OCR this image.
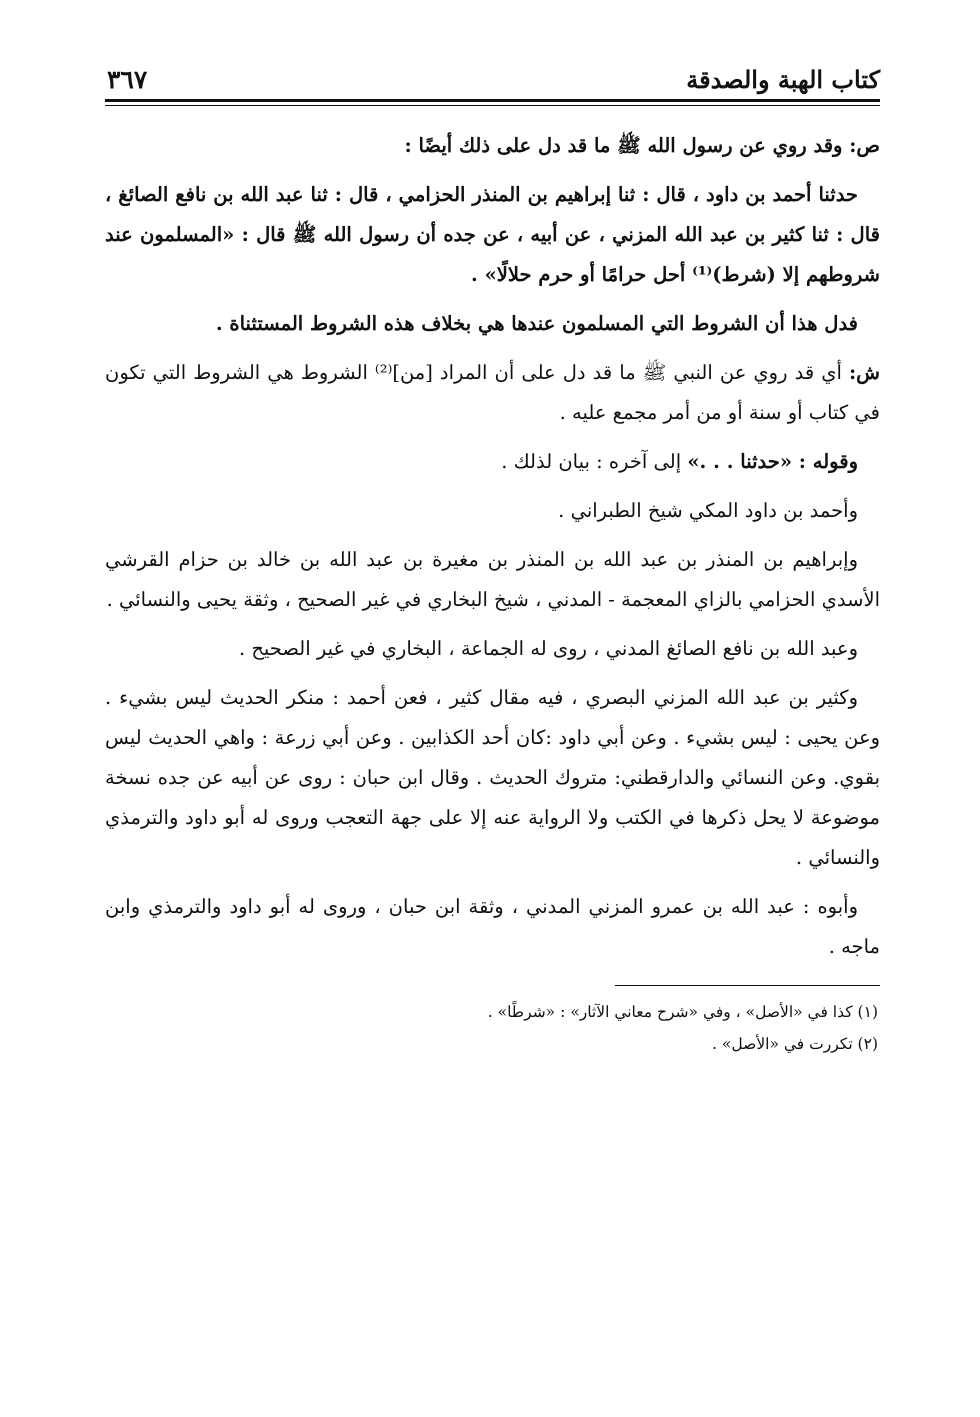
كتاب الهبة والصدقة
٣٦٧

ص: وقد روي عن رسول الله ﷺ ما قد دل على ذلك أيضًا :

حدثنا أحمد بن داود ، قال : ثنا إبراهيم بن المنذر الحزامي ، قال : ثنا عبد الله بن نافع الصائغ ، قال : ثنا كثير بن عبد الله المزني ، عن أبيه ، عن جده أن رسول الله ﷺ قال : «المسلمون عند شروطهم إلا (شرط)⁽¹⁾ أحل حرامًا أو حرم حلالًا» .

فدل هذا أن الشروط التي المسلمون عندها هي بخلاف هذه الشروط المستثناة .

ش: أي قد روي عن النبي ﷺ ما قد دل على أن المراد [من]⁽²⁾ الشروط هي الشروط التي تكون في كتاب أو سنة أو من أمر مجمع عليه .

وقوله : «حدثنا . . .» إلى آخره : بيان لذلك .

وأحمد بن داود المكي شيخ الطبراني .

وإبراهيم بن المنذر بن عبد الله بن المنذر بن مغيرة بن عبد الله بن خالد بن حزام القرشي الأسدي الحزامي بالزاي المعجمة - المدني ، شيخ البخاري في غير الصحيح ، وثقة يحيى والنسائي .

وعبد الله بن نافع الصائغ المدني ، روى له الجماعة ، البخاري في غير الصحيح .

وكثير بن عبد الله المزني البصري ، فيه مقال كثير ، فعن أحمد : منكر الحديث ليس بشيء . وعن يحيى : ليس بشيء . وعن أبي داود :كان أحد الكذابين . وعن أبي زرعة : واهي الحديث ليس بقوي. وعن النسائي والدارقطني: متروك الحديث . وقال ابن حبان : روى عن أبيه عن جده نسخة موضوعة لا يحل ذكرها في الكتب ولا الرواية عنه إلا على جهة التعجب وروى له أبو داود والترمذي والنسائي .

وأبوه : عبد الله بن عمرو المزني المدني ، وثقة ابن حبان ، وروى له أبو داود والترمذي وابن ماجه .

(١) كذا في «الأصل» ، وفي «شرح معاني الآثار» : «شرطًا» .

(٢) تكررت في «الأصل» .
